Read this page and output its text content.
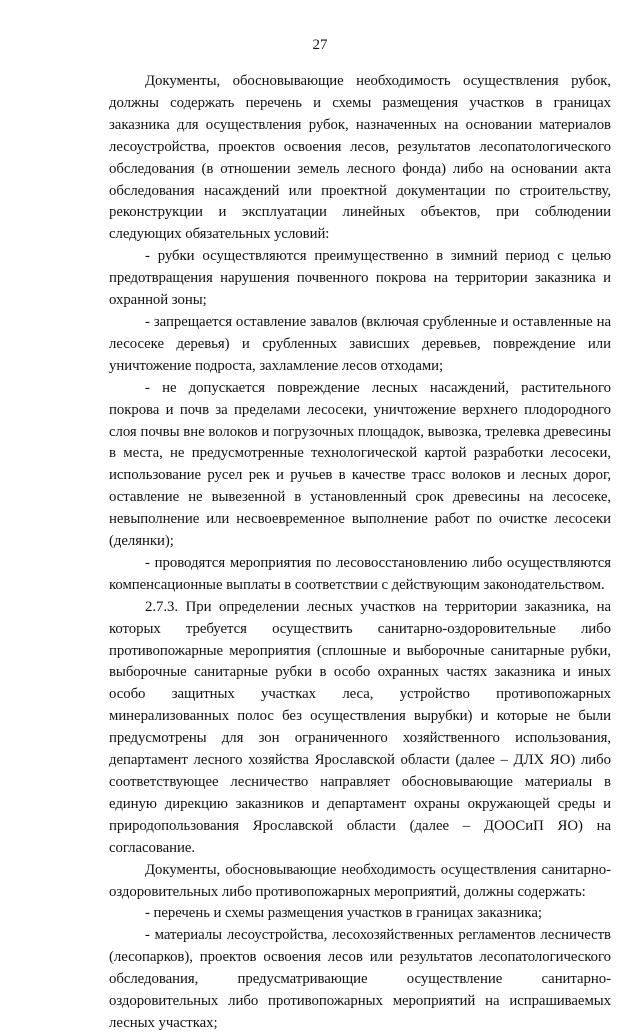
27

Документы, обосновывающие необходимость осуществления рубок, должны содержать перечень и схемы размещения участков в границах заказника для осуществления рубок, назначенных на основании материалов лесоустройства, проектов освоения лесов, результатов лесопатологического обследования (в отношении земель лесного фонда) либо на основании акта обследования насаждений или проектной документации по строительству, реконструкции и эксплуатации линейных объектов, при соблюдении следующих обязательных условий:

- рубки осуществляются преимущественно в зимний период с целью предотвращения нарушения почвенного покрова на территории заказника и охранной зоны;

- запрещается оставление завалов (включая срубленные и оставленные на лесосеке деревья) и срубленных зависших деревьев, повреждение или уничтожение подроста, захламление лесов отходами;

- не допускается повреждение лесных насаждений, растительного покрова и почв за пределами лесосеки, уничтожение верхнего плодородного слоя почвы вне волоков и погрузочных площадок, вывозка, трелевка древесины в места, не предусмотренные технологической картой разработки лесосеки, использование русел рек и ручьев в качестве трасс волоков и лесных дорог, оставление не вывезенной в установленный срок древесины на лесосеке, невыполнение или несвоевременное выполнение работ по очистке лесосеки (делянки);

- проводятся мероприятия по лесовосстановлению либо осуществляются компенсационные выплаты в соответствии с действующим законодательством.

2.7.3. При определении лесных участков на территории заказника, на которых требуется осуществить санитарно-оздоровительные либо противопожарные мероприятия (сплошные и выборочные санитарные рубки, выборочные санитарные рубки в особо охранных частях заказника и иных особо защитных участках леса, устройство противопожарных минерализованных полос без осуществления вырубки) и которые не были предусмотрены для зон ограниченного хозяйственного использования, департамент лесного хозяйства Ярославской области (далее – ДЛХ ЯО) либо соответствующее лесничество направляет обосновывающие материалы в единую дирекцию заказников и департамент охраны окружающей среды и природопользования Ярославской области (далее – ДООСиП ЯО) на согласование.

Документы, обосновывающие необходимость осуществления санитарно-оздоровительных либо противопожарных мероприятий, должны содержать:

- перечень и схемы размещения участков в границах заказника;

- материалы лесоустройства, лесохозяйственных регламентов лесничеств (лесопарков), проектов освоения лесов или результатов лесопатологического обследования, предусматривающие осуществление санитарно-оздоровительных либо противопожарных мероприятий на испрашиваемых лесных участках;
